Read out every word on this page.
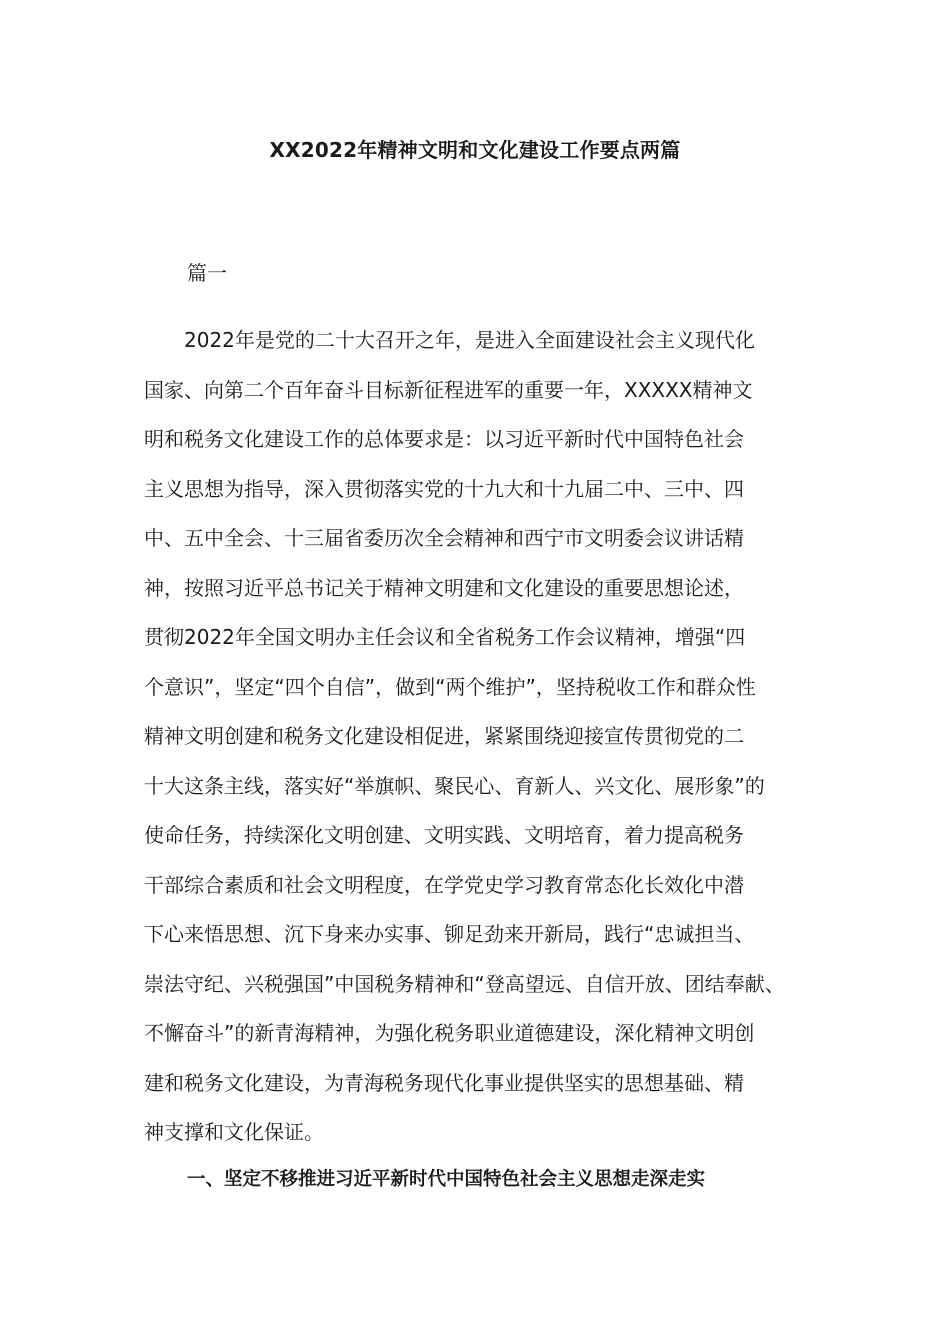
XX2022年精神文明和文化建设工作要点两篇
篇一
　　2022年是党的二十大召开之年，是进入全面建设社会主义现代化
国家、向第二个百年奋斗目标新征程进军的重要一年，XXXXX精神文
明和税务文化建设工作的总体要求是：以习近平新时代中国特色社会
主义思想为指导，深入贯彻落实党的十九大和十九届二中、三中、四
中、五中全会、十三届省委历次全会精神和西宁市文明委会议讲话精
神，按照习近平总书记关于精神文明建和文化建设的重要思想论述，
贯彻2022年全国文明办主任会议和全省税务工作会议精神，增强“四
个意识”，坚定“四个自信”，做到“两个维护”，坚持税收工作和群众性
精神文明创建和税务文化建设相促进，紧紧围绕迎接宣传贯彻党的二
十大这条主线，落实好“举旗帜、聚民心、育新人、兴文化、展形象”的
使命任务，持续深化文明创建、文明实践、文明培育，着力提高税务
干部综合素质和社会文明程度，在学党史学习教育常态化长效化中潜
下心来悟思想、沉下身来办实事、铆足劲来开新局，践行“忠诚担当、
崇法守纪、兴税强国”中国税务精神和“登高望远、自信开放、团结奉献、
不懈奋斗”的新青海精神，为强化税务职业道德建设，深化精神文明创
建和税务文化建设，为青海税务现代化事业提供坚实的思想基础、精
神支撑和文化保证。
一、坚定不移推进习近平新时代中国特色社会主义思想走深走实
